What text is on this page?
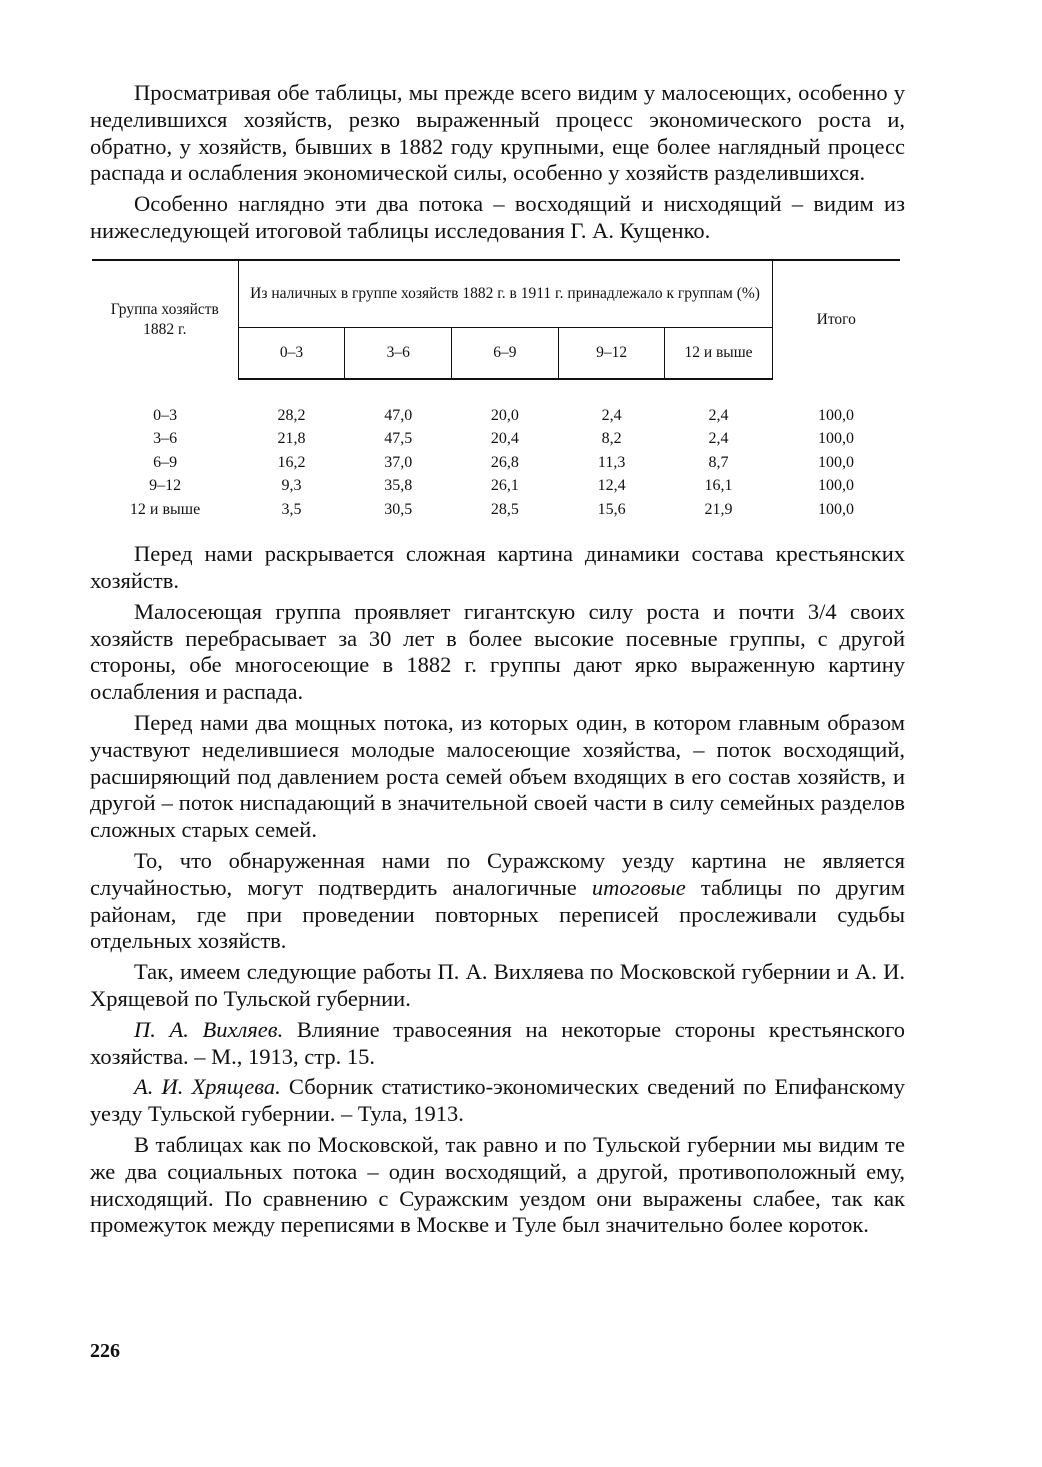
Просматривая обе таблицы, мы прежде всего видим у малосеющих, особенно у неделившихся хозяйств, резко выраженный процесс экономического роста и, обратно, у хозяйств, бывших в 1882 году крупными, еще более наглядный процесс распада и ослабления экономической силы, особенно у хозяйств разделившихся.

Особенно наглядно эти два потока – восходящий и нисходящий – видим из нижеследующей итоговой таблицы исследования Г. А. Кущенко.

Группа хозяйств 1882 г.	Из наличных в группе хозяйств 1882 г. в 1911 г. принадлежало к группам (%)					Итого
	0–3	3–6	6–9	9–12	12 и выше	

0–3	28,2	47,0	20,0	2,4	2,4	100,0
3–6	21,8	47,5	20,4	8,2	2,4	100,0
6–9	16,2	37,0	26,8	11,3	8,7	100,0
9–12	9,3	35,8	26,1	12,4	16,1	100,0
12 и выше	3,5	30,5	28,5	15,6	21,9	100,0

Перед нами раскрывается сложная картина динамики состава крестьянских хозяйств.

Малосеющая группа проявляет гигантскую силу роста и почти 3/4 своих хозяйств перебрасывает за 30 лет в более высокие посевные группы, с другой стороны, обе многосеющие в 1882 г. группы дают ярко выраженную картину ослабления и распада.

Перед нами два мощных потока, из которых один, в котором главным образом участвуют неделившиеся молодые малосеющие хозяйства, – поток восходящий, расширяющий под давлением роста семей объем входящих в его состав хозяйств, и другой – поток ниспадающий в значительной своей части в силу семейных разделов сложных старых семей.

То, что обнаруженная нами по Суражскому уезду картина не является случайностью, могут подтвердить аналогичные итоговые таблицы по другим районам, где при проведении повторных переписей прослеживали судьбы отдельных хозяйств.

Так, имеем следующие работы П. А. Вихляева по Московской губернии и А. И. Хрящевой по Тульской губернии.

П. А. Вихляев. Влияние травосеяния на некоторые стороны крестьянского хозяйства. – М., 1913, стр. 15.

А. И. Хрящева. Сборник статистико-экономических сведений по Епифанскому уезду Тульской губернии. – Тула, 1913.

В таблицах как по Московской, так равно и по Тульской губернии мы видим те же два социальных потока – один восходящий, а другой, противоположный ему, нисходящий. По сравнению с Суражским уездом они выражены слабее, так как промежуток между переписями в Москве и Туле был значительно более короток.

226
